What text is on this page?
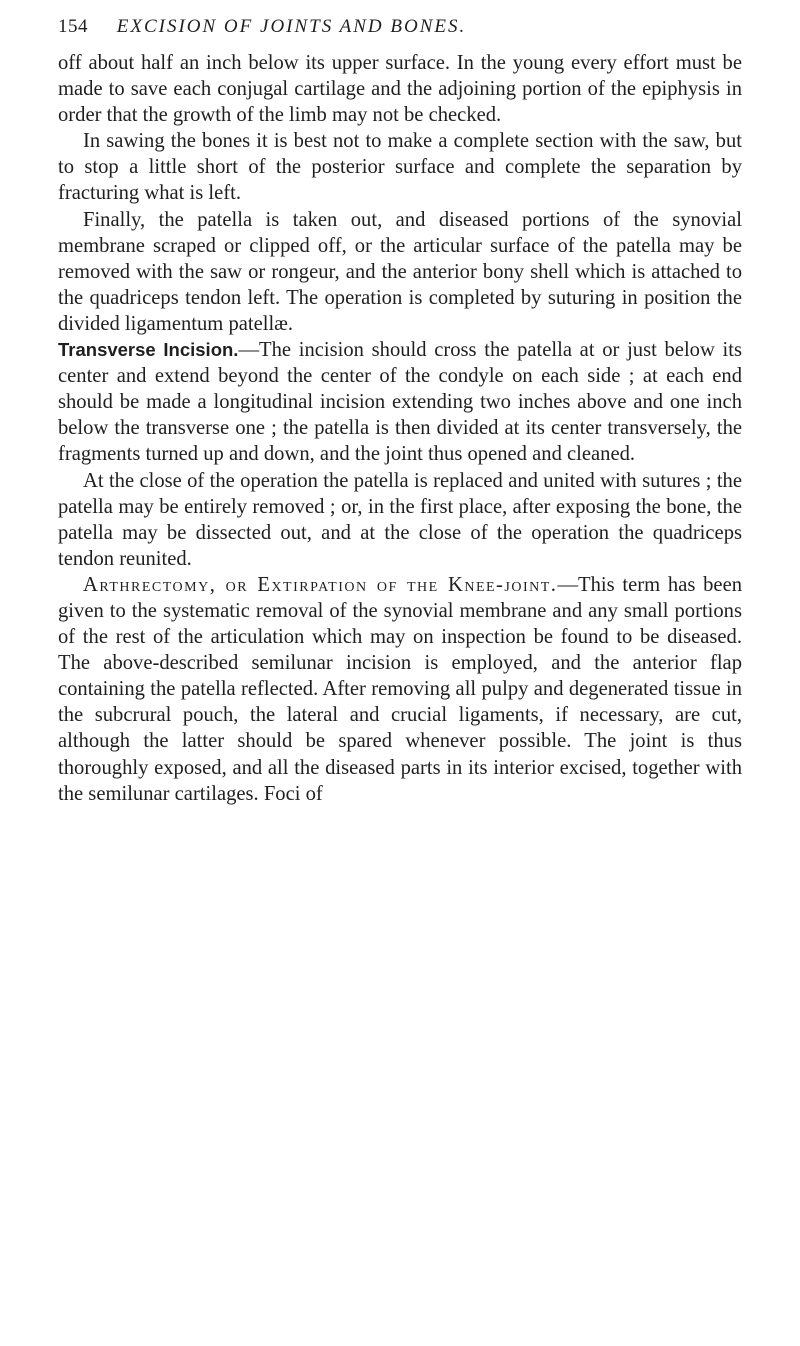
154 EXCISION OF JOINTS AND BONES.

off about half an inch below its upper surface. In the young every effort must be made to save each conjugal cartilage and the adjoining portion of the epiphysis in order that the growth of the limb may not be checked.

In sawing the bones it is best not to make a complete section with the saw, but to stop a little short of the posterior surface and complete the separation by fracturing what is left.

Finally, the patella is taken out, and diseased portions of the synovial membrane scraped or clipped off, or the articular surface of the patella may be removed with the saw or rongeur, and the anterior bony shell which is attached to the quadriceps tendon left. The operation is completed by suturing in position the divided ligamentum patellæ.

Transverse Incision.—The incision should cross the patella at or just below its center and extend beyond the center of the condyle on each side ; at each end should be made a longitudinal incision extending two inches above and one inch below the transverse one ; the patella is then divided at its center transversely, the fragments turned up and down, and the joint thus opened and cleaned.

At the close of the operation the patella is replaced and united with sutures ; the patella may be entirely removed ; or, in the first place, after exposing the bone, the patella may be dissected out, and at the close of the operation the quadriceps tendon reunited.

Arthrectomy, or Extirpation of the Knee-joint.—This term has been given to the systematic removal of the synovial membrane and any small portions of the rest of the articulation which may on inspection be found to be diseased. The above-described semilunar incision is employed, and the anterior flap containing the patella reflected. After removing all pulpy and degenerated tissue in the subcrural pouch, the lateral and crucial ligaments, if necessary, are cut, although the latter should be spared whenever possible. The joint is thus thoroughly exposed, and all the diseased parts in its interior excised, together with the semilunar cartilages. Foci of
